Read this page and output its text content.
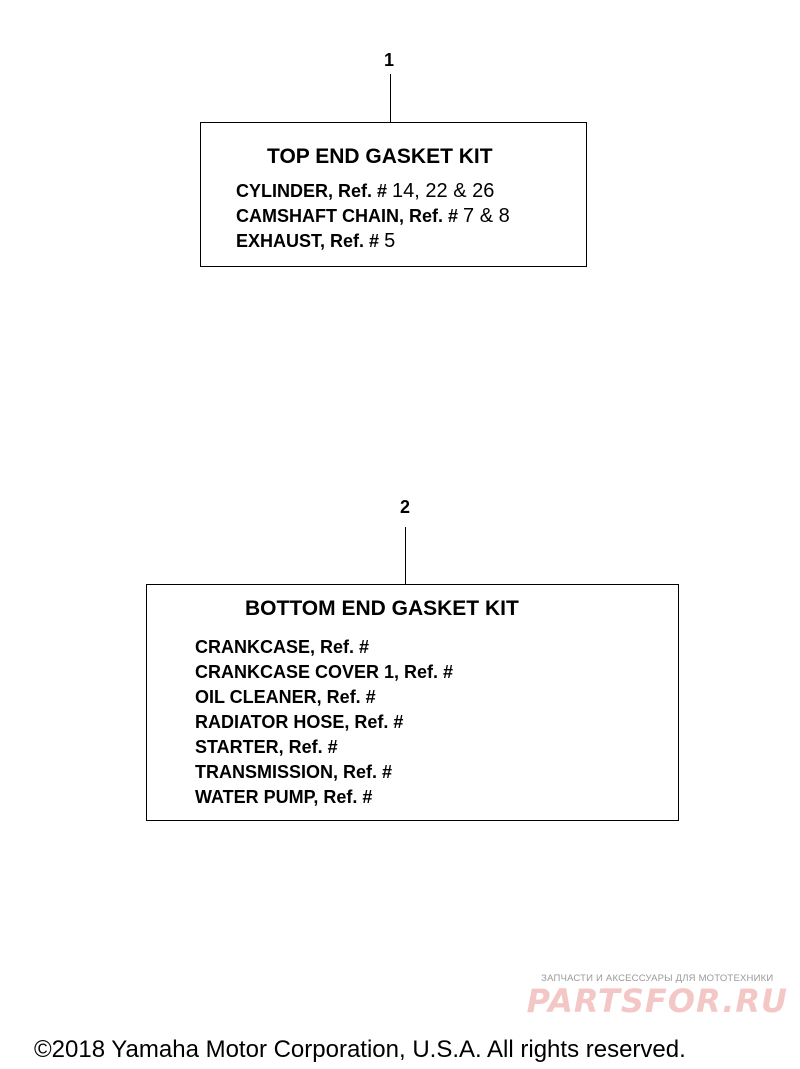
1
TOP END GASKET KIT
CYLINDER, Ref. # 14, 22 & 26
CAMSHAFT CHAIN, Ref. # 7 & 8
EXHAUST, Ref. # 5
2
BOTTOM END GASKET KIT
CRANKCASE, Ref. #
CRANKCASE COVER 1, Ref. #
OIL CLEANER, Ref. #
RADIATOR HOSE, Ref. #
STARTER, Ref. #
TRANSMISSION, Ref. #
WATER PUMP, Ref. #
ЗАПЧАСТИ И АКСЕССУАРЫ ДЛЯ МОТОТЕХНИКИ
PARTSFOR.RU
©2018 Yamaha Motor Corporation, U.S.A. All rights reserved.
